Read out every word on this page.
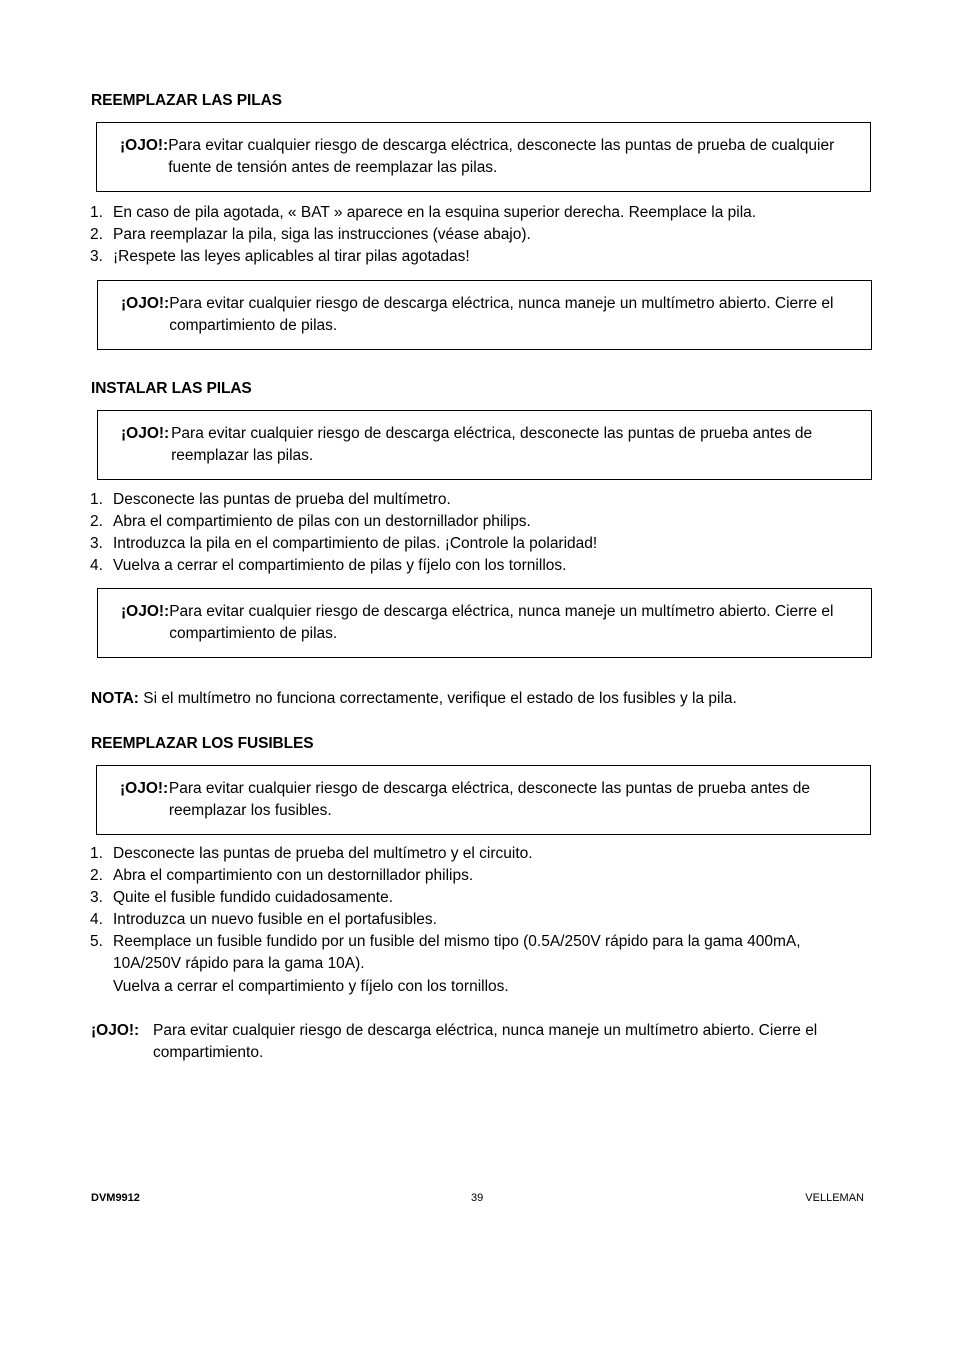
REEMPLAZAR LAS PILAS
¡OJO!: Para evitar cualquier riesgo de descarga eléctrica, desconecte las puntas de prueba de cualquier fuente de tensión antes de reemplazar las pilas.
1. En caso de pila agotada, « BAT » aparece en la esquina superior derecha. Reemplace la pila.
2. Para reemplazar la pila, siga las instrucciones (véase abajo).
3. ¡Respete las leyes aplicables al tirar pilas agotadas!
¡OJO!: Para evitar cualquier riesgo de descarga eléctrica, nunca maneje un multímetro abierto. Cierre el compartimiento de pilas.
INSTALAR LAS PILAS
¡OJO!: Para evitar cualquier riesgo de descarga eléctrica, desconecte las puntas de prueba antes de reemplazar las pilas.
1. Desconecte las puntas de prueba del multímetro.
2. Abra el compartimiento de pilas con un destornillador philips.
3. Introduzca la pila en el compartimiento de pilas. ¡Controle la polaridad!
4. Vuelva a cerrar el compartimiento de pilas y fíjelo con los tornillos.
¡OJO!: Para evitar cualquier riesgo de descarga eléctrica, nunca maneje un multímetro abierto. Cierre el compartimiento de pilas.
NOTA: Si el multímetro no funciona correctamente, verifique el estado de los fusibles y la pila.
REEMPLAZAR LOS FUSIBLES
¡OJO!: Para evitar cualquier riesgo de descarga eléctrica, desconecte las puntas de prueba antes de reemplazar los fusibles.
1. Desconecte las puntas de prueba del multímetro y el circuito.
2. Abra el compartimiento con un destornillador philips.
3. Quite el fusible fundido cuidadosamente.
4. Introduzca un nuevo fusible en el portafusibles.
5. Reemplace un fusible fundido por un fusible del mismo tipo (0.5A/250V rápido para la gama 400mA, 10A/250V rápido para la gama 10A).
Vuelva a cerrar el compartimiento y fíjelo con los tornillos.
¡OJO!: Para evitar cualquier riesgo de descarga eléctrica, nunca maneje un multímetro abierto. Cierre el compartimiento.
DVM9912	39	VELLEMAN
